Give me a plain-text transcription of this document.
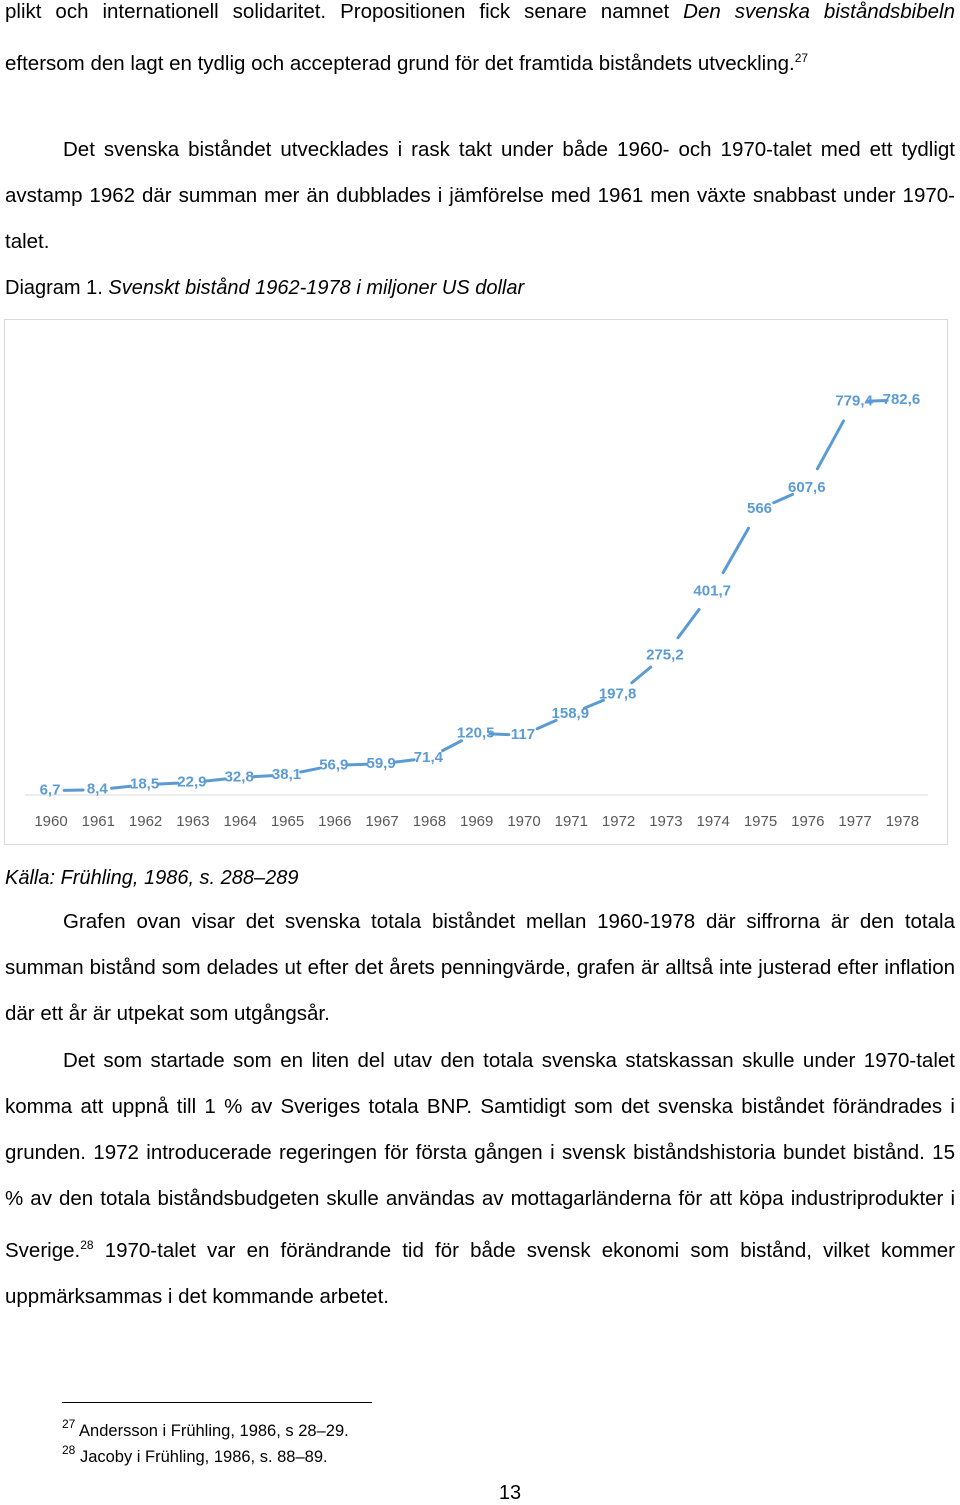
plikt och internationell solidaritet. Propositionen fick senare namnet Den svenska biståndsbibeln eftersom den lagt en tydlig och accepterad grund för det framtida biståndets utveckling.$^{27}$

Det svenska biståndet utvecklades i rask takt under både 1960- och 1970-talet med ett tydligt avstamp 1962 där summan mer än dubblades i jämförelse med 1961 men växte snabbast under 1970-talet.

Diagram 1. Svenskt bistånd 1962-1978 i miljoner US dollar
6,7 8,4 18,5 22,9 32,8 38,1
56,9 59,9 71,4
120,5 117
158,9
197,8
275,2
401,7
566
607,6
779,4 782,6
1960 1961 1962 1963 1964 1965 1966 1967 1968 1969 1970 1971 1972 1973 1974 1975 1976 1977 1978
Källa: Frühling, 1986, s. 288–289

Grafen ovan visar det svenska totala biståndet mellan 1960-1978 där siffrorna är den totala summan bistånd som delades ut efter det årets penningvärde, grafen är alltså inte justerad efter inflation där ett år är utpekat som utgångsår.

Det som startade som en liten del utav den totala svenska statskassan skulle under 1970-talet komma att uppnå till 1 % av Sveriges totala BNP. Samtidigt som det svenska biståndet förändrades i grunden. 1972 introducerade regeringen för första gången i svensk biståndshistoria bundet bistånd. 15 % av den totala biståndsbudgeten skulle användas av mottagarländerna för att köpa industriprodukter i Sverige.$^{28}$ 1970-talet var en förändrande tid för både svensk ekonomi som bistånd, vilket kommer uppmärksammas i det kommande arbetet.

$^{27}$ Andersson i Frühling, 1986, s 28–29.
$^{28}$ Jacoby i Frühling, 1986, s. 88–89.
13
